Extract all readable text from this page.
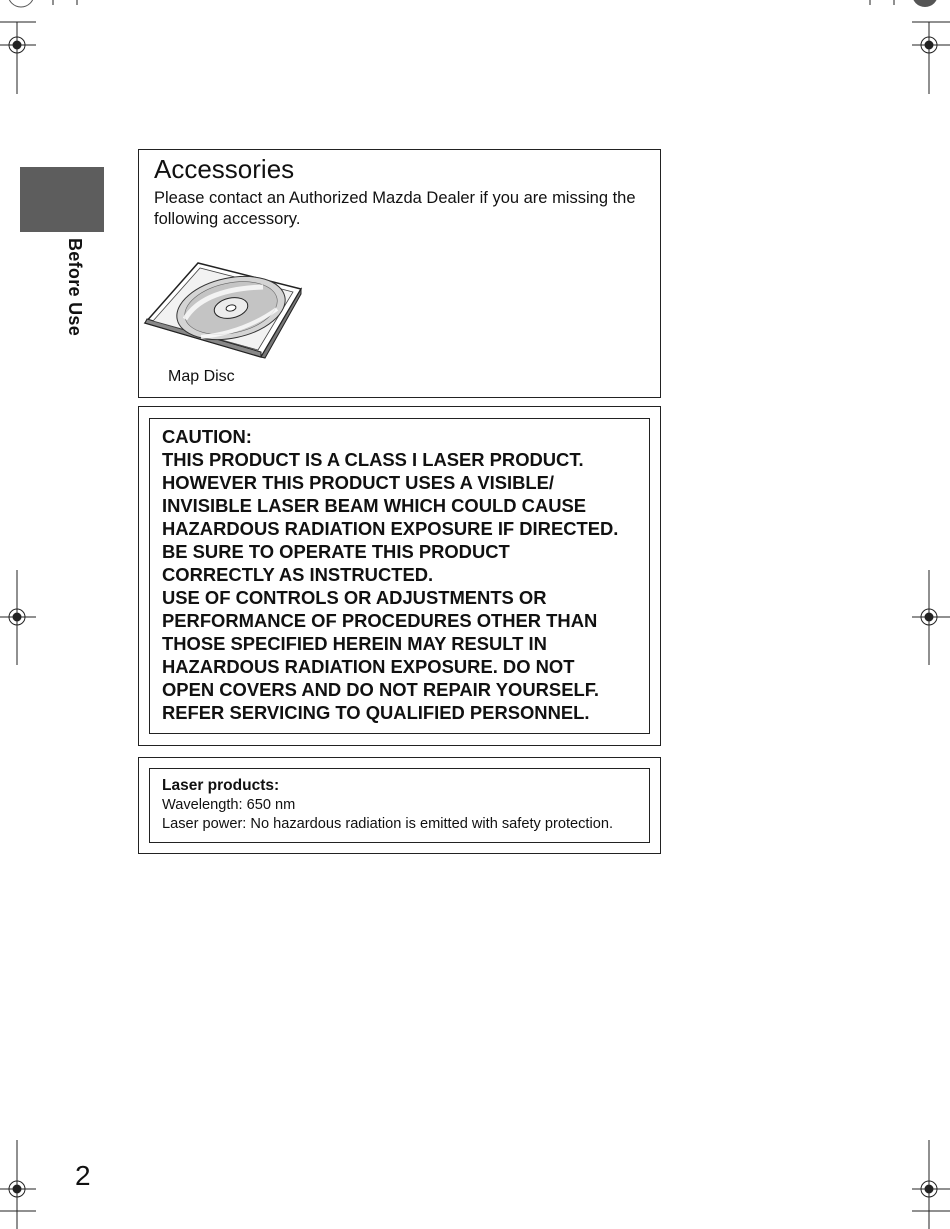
Before Use
Accessories
Please contact an Authorized Mazda Dealer if you are missing the following accessory.
Map Disc

CAUTION:

THIS PRODUCT IS A CLASS I LASER PRODUCT.

HOWEVER THIS PRODUCT USES A VISIBLE/

INVISIBLE LASER BEAM WHICH COULD CAUSE

HAZARDOUS RADIATION EXPOSURE IF DIRECTED.

BE SURE TO OPERATE THIS PRODUCT

CORRECTLY AS INSTRUCTED.

USE OF CONTROLS OR ADJUSTMENTS OR

PERFORMANCE OF PROCEDURES OTHER THAN

THOSE SPECIFIED HEREIN MAY RESULT IN

HAZARDOUS RADIATION EXPOSURE. DO NOT

OPEN COVERS AND DO NOT REPAIR YOURSELF.

REFER SERVICING TO QUALIFIED PERSONNEL.

Laser products:

Wavelength: 650 nm

Laser power: No hazardous radiation is emitted with safety protection.

2
